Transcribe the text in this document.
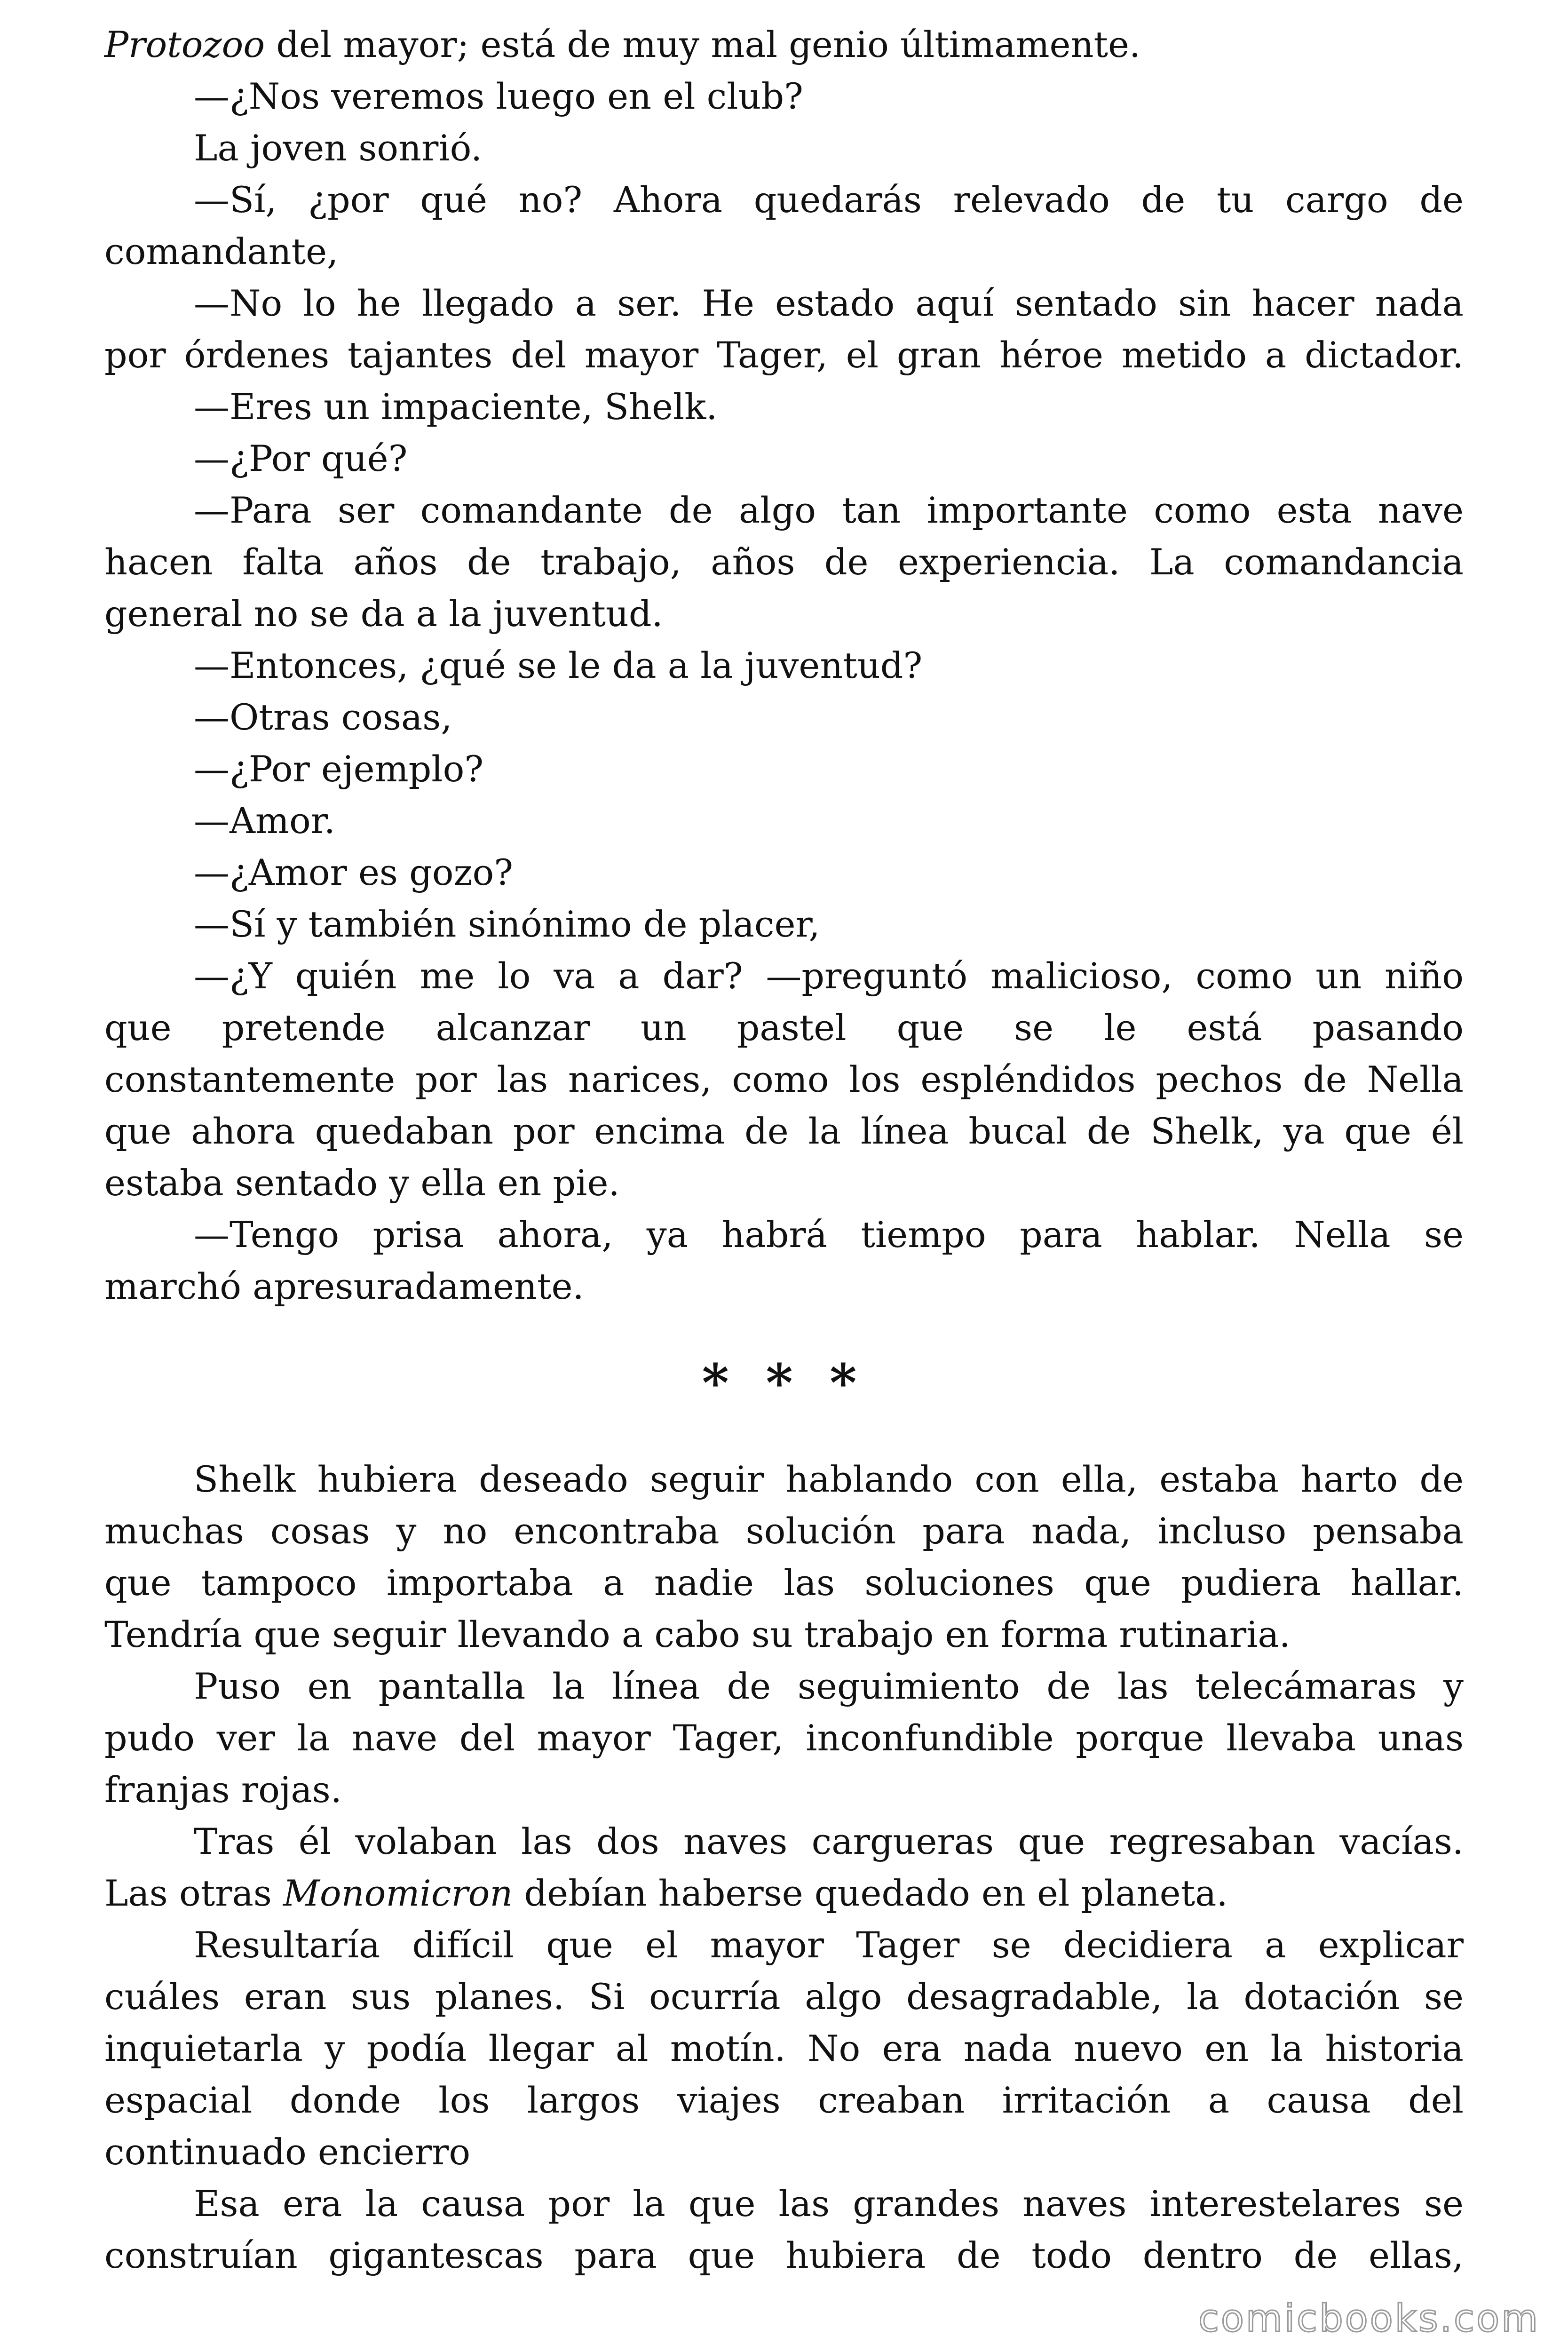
Protozoo del mayor; está de muy mal genio últimamente.
—¿Nos veremos luego en el club?
La joven sonrió.
—Sí, ¿por qué no? Ahora quedarás relevado de tu cargo de
comandante,
—No lo he llegado a ser. He estado aquí sentado sin hacer nada
por órdenes tajantes del mayor Tager, el gran héroe metido a dictador.
—Eres un impaciente, Shelk.
—¿Por qué?
—Para ser comandante de algo tan importante como esta nave
hacen falta años de trabajo, años de experiencia. La comandancia
general no se da a la juventud.
—Entonces, ¿qué se le da a la juventud?
—Otras cosas,
—¿Por ejemplo?
—Amor.
—¿Amor es gozo?
—Sí y también sinónimo de placer,
—¿Y quién me lo va a dar? —preguntó malicioso, como un niño
que pretende alcanzar un pastel que se le está pasando
constantemente por las narices, como los espléndidos pechos de Nella
que ahora quedaban por encima de la línea bucal de Shelk, ya que él
estaba sentado y ella en pie.
—Tengo prisa ahora, ya habrá tiempo para hablar. Nella se
marchó apresuradamente.
* * *
Shelk hubiera deseado seguir hablando con ella, estaba harto de
muchas cosas y no encontraba solución para nada, incluso pensaba
que tampoco importaba a nadie las soluciones que pudiera hallar.
Tendría que seguir llevando a cabo su trabajo en forma rutinaria.
Puso en pantalla la línea de seguimiento de las telecámaras y
pudo ver la nave del mayor Tager, inconfundible porque llevaba unas
franjas rojas.
Tras él volaban las dos naves cargueras que regresaban vacías.
Las otras Monomicron debían haberse quedado en el planeta.
Resultaría difícil que el mayor Tager se decidiera a explicar
cuáles eran sus planes. Si ocurría algo desagradable, la dotación se
inquietarla y podía llegar al motín. No era nada nuevo en la historia
espacial donde los largos viajes creaban irritación a causa del
continuado encierro
Esa era la causa por la que las grandes naves interestelares se
construían gigantescas para que hubiera de todo dentro de ellas,
comicbooks.com
